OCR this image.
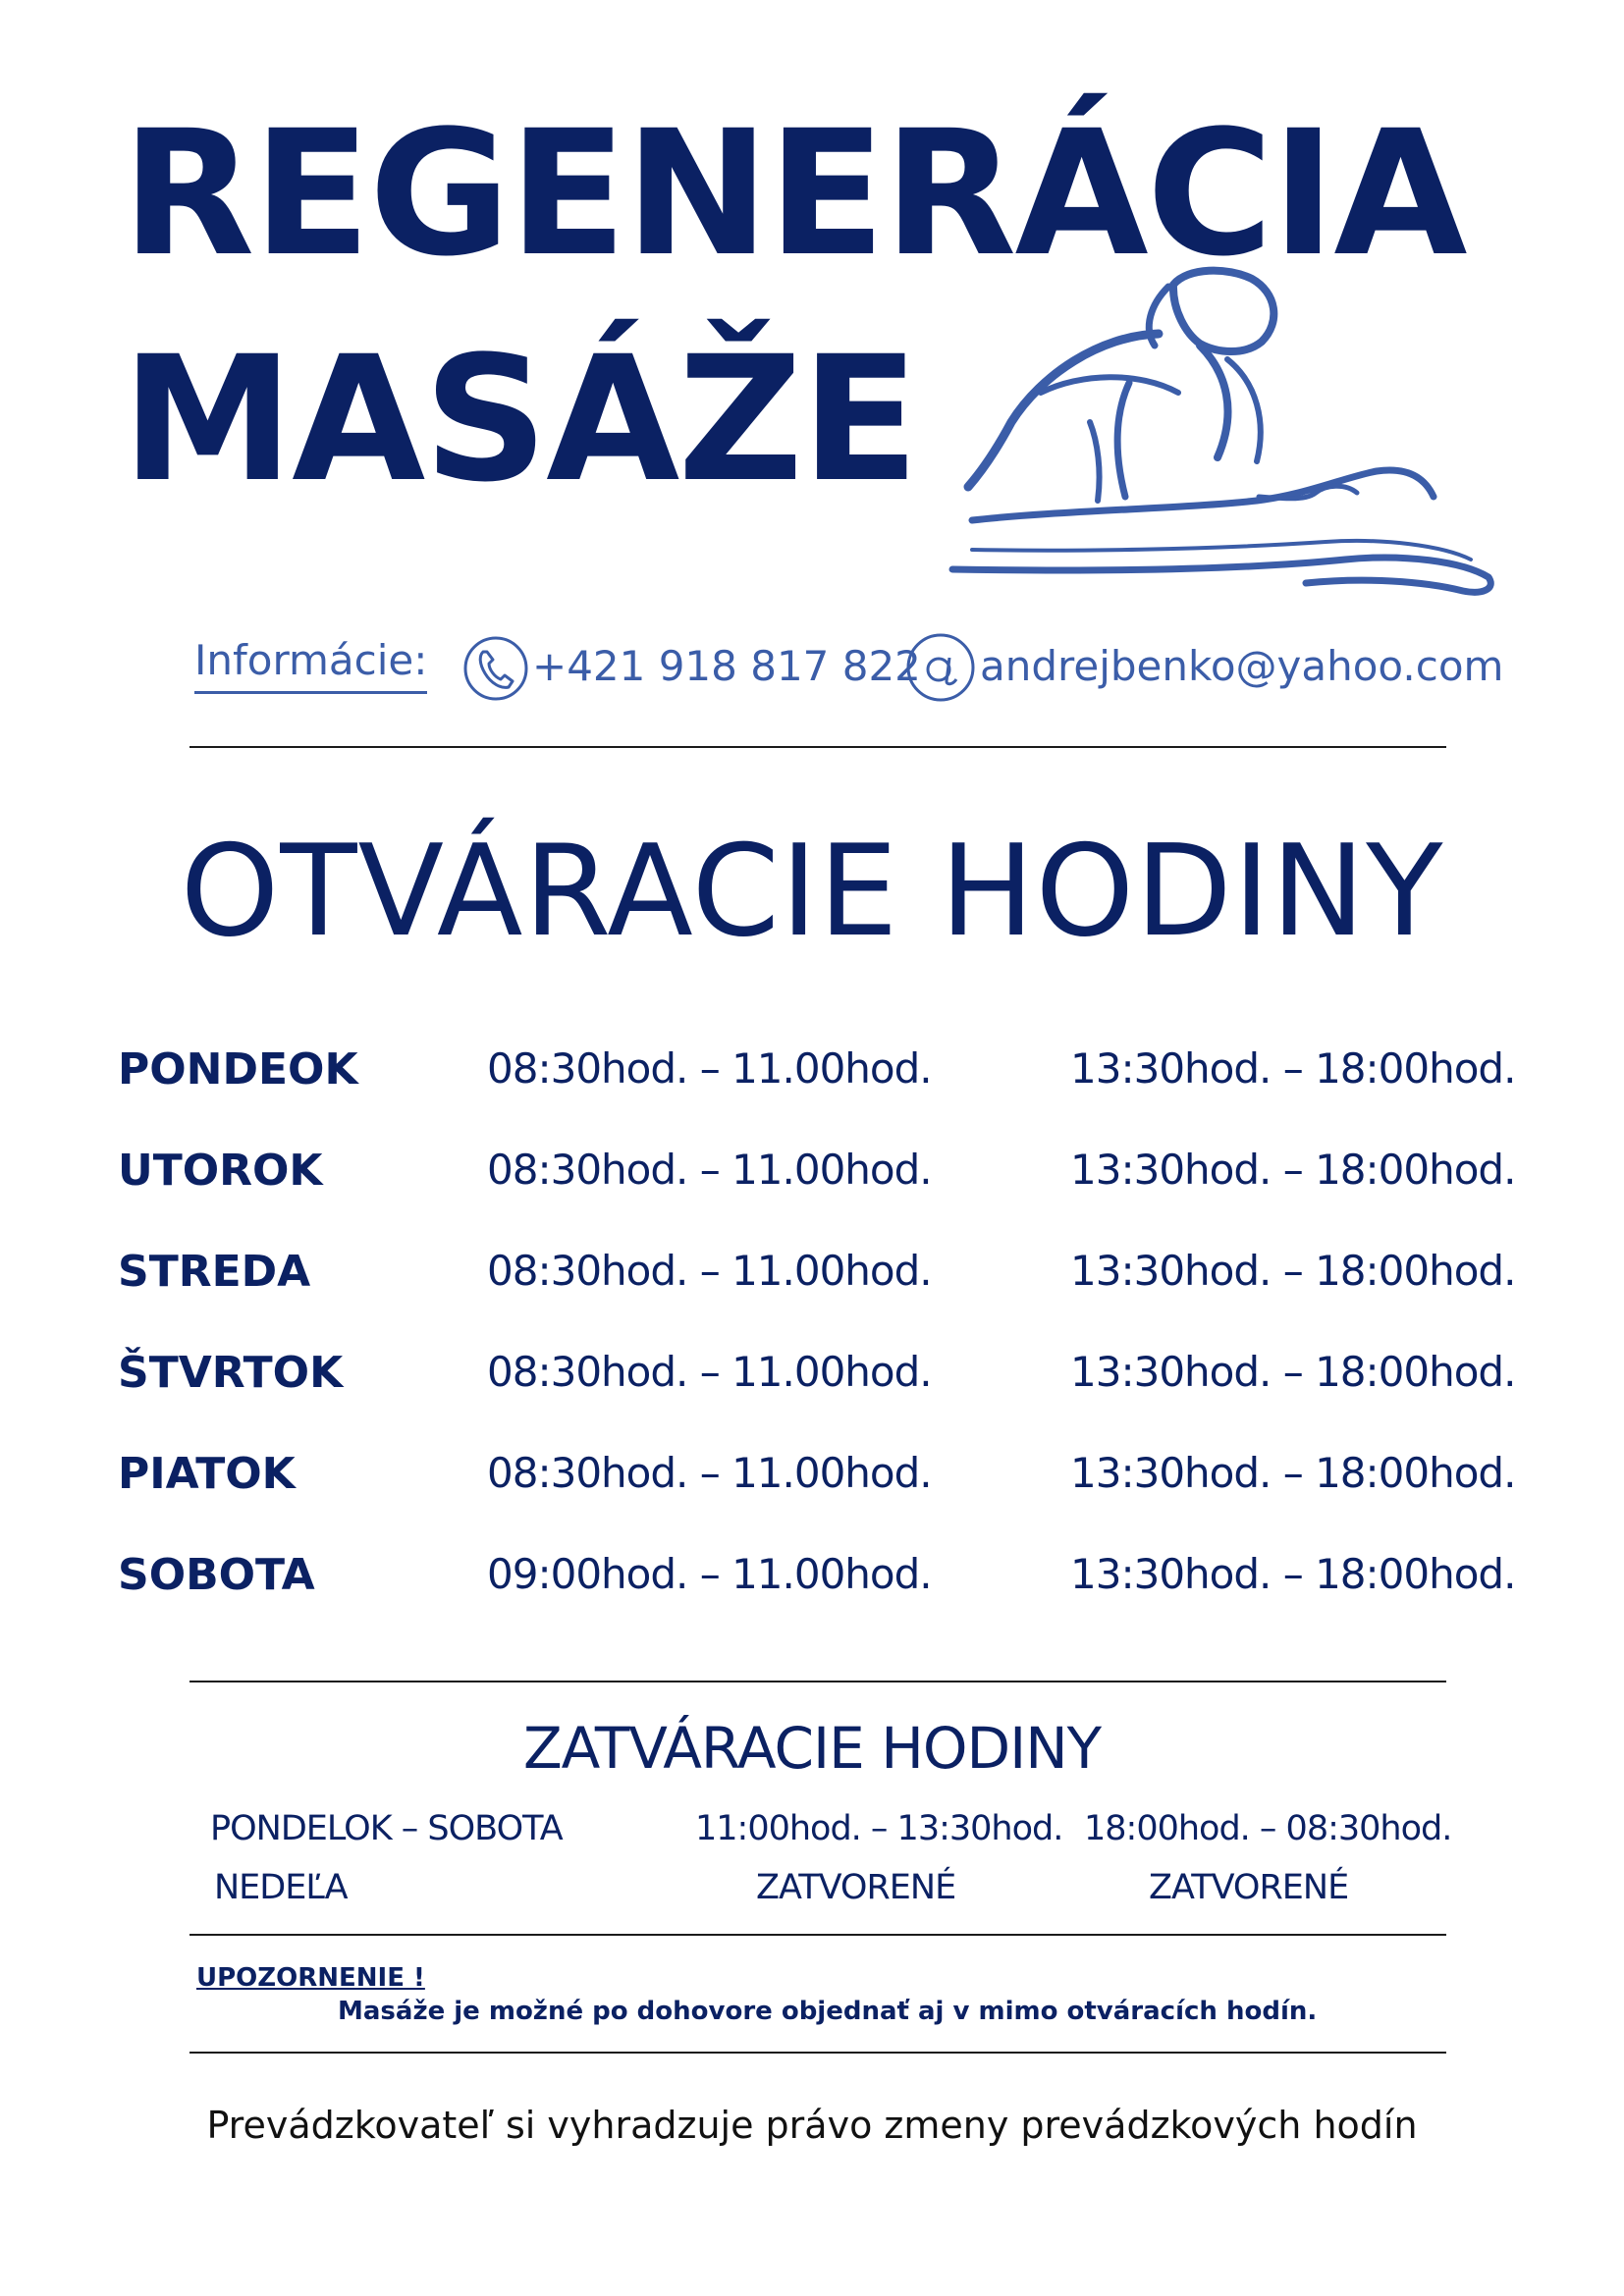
REGENERÁCIA
MASÁŽE
Informácie:	+421 918 817 822 andrejbenko@yahoo.com
OTVÁRACIE HODINY
PONDEOK	08:30hod. – 11.00hod.	13:30hod. – 18:00hod.
UTOROK	08:30hod. – 11.00hod.	13:30hod. – 18:00hod.
STREDA	08:30hod. – 11.00hod.	13:30hod. – 18:00hod.
ŠTVRTOK	08:30hod. – 11.00hod.	13:30hod. – 18:00hod.
PIATOK	08:30hod. – 11.00hod.	13:30hod. – 18:00hod.
SOBOTA	09:00hod. – 11.00hod.	13:30hod. – 18:00hod.
ZATVÁRACIE HODINY
PONDELOK – SOBOTA	11:00hod. – 13:30hod. 18:00hod. – 08:30hod.
NEDEĽA	ZATVORENÉ	ZATVORENÉ
UPOZORNENIE !
Masáže je možné po dohovore objednať aj v mimo otváracích hodín.
Prevádzkovateľ si vyhradzuje právo zmeny prevádzkových hodín
